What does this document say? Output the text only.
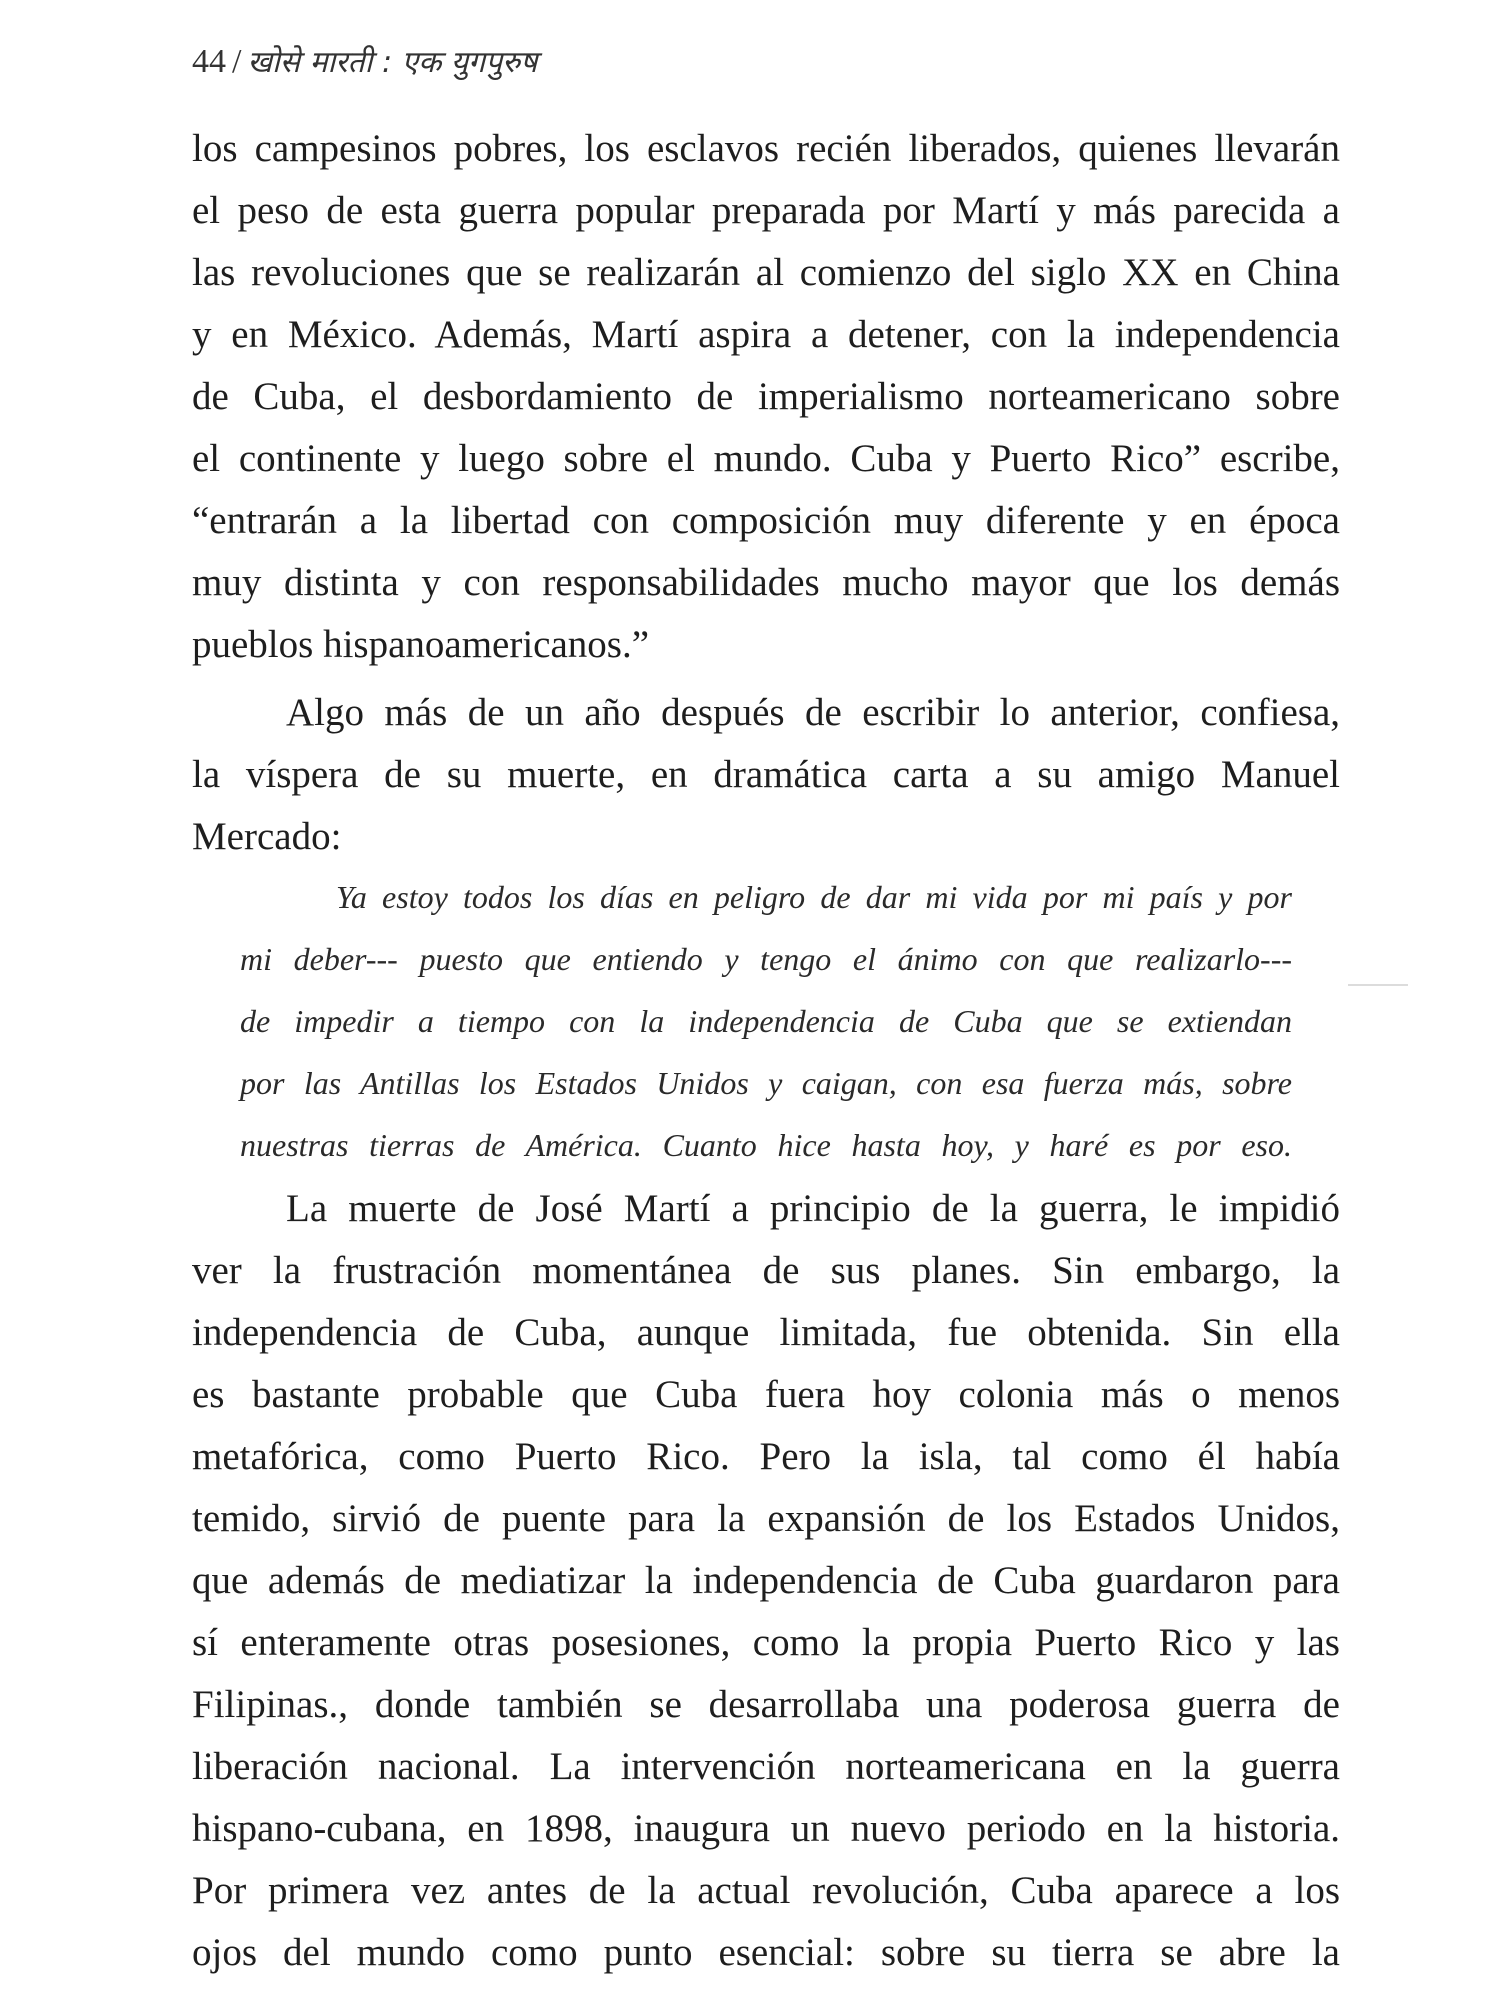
44 / खोसे मारती : एक युगपुरुष
los campesinos pobres, los esclavos recién liberados, quienes llevarán
el peso de esta guerra popular preparada por Martí y más parecida a
las revoluciones que se realizarán al comienzo del siglo XX en China
y en México. Además, Martí aspira a detener, con la independencia
de Cuba, el desbordamiento de imperialismo norteamericano sobre
el continente y luego sobre el mundo. Cuba y Puerto Rico” escribe,
“entrarán a la libertad con composición muy diferente y en época
muy distinta y con responsabilidades mucho mayor que los demás
pueblos hispanoamericanos.”
Algo más de un año después de escribir lo anterior, confiesa,
la víspera de su muerte, en dramática carta a su amigo Manuel
Mercado:
Ya estoy todos los días en peligro de dar mi vida por mi país y por
mi deber--- puesto que entiendo y tengo el ánimo con que realizarlo---
de impedir a tiempo con la independencia de Cuba que se extiendan
por las Antillas los Estados Unidos y caigan, con esa fuerza más, sobre
nuestras tierras de América. Cuanto hice hasta hoy, y haré es por eso.
La muerte de José Martí a principio de la guerra, le impidió
ver la frustración momentánea de sus planes. Sin embargo, la
independencia de Cuba, aunque limitada, fue obtenida. Sin ella
es bastante probable que Cuba fuera hoy colonia más o menos
metafórica, como Puerto Rico. Pero la isla, tal como él había
temido, sirvió de puente para la expansión de los Estados Unidos,
que además de mediatizar la independencia de Cuba guardaron para
sí enteramente otras posesiones, como la propia Puerto Rico y las
Filipinas., donde también se desarrollaba una poderosa guerra de
liberación nacional. La intervención norteamericana en la guerra
hispano-cubana, en 1898, inaugura un nuevo periodo en la historia.
Por primera vez antes de la actual revolución, Cuba aparece a los
ojos del mundo como punto esencial: sobre su tierra se abre la
